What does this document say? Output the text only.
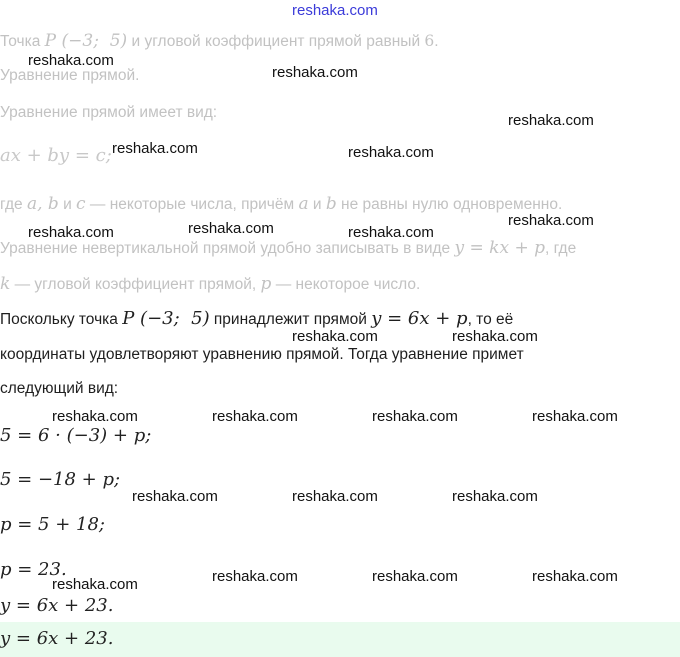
reshaka.com
Точка P (−3;  5) и угловой коэффициент прямой равный 6.
Уравнение прямой.
Уравнение прямой имеет вид:
ax + by = c;
где a, b и c — некоторые числа, причём a и b не равны нулю одновременно.
Уравнение невертикальной прямой удобно записывать в виде y = kx + p, где
k — угловой коэффициент прямой, p — некоторое число.
Поскольку точка P (−3;  5) принадлежит прямой y = 6x + p, то её
координаты удовлетворяют уравнению прямой. Тогда уравнение примет
следующий вид:
5 = 6 · (−3) + p;
5 = −18 + p;
p = 5 + 18;
p = 23.
y = 6x + 23.
y = 6x + 23.
reshaka.com
reshaka.com
reshaka.com
reshaka.com	reshaka.com
reshaka.com
reshaka.com	reshaka.com	reshaka.com
reshaka.com	reshaka.com
reshaka.com	reshaka.com	reshaka.com	reshaka.com
reshaka.com	reshaka.com	reshaka.com
reshaka.com	reshaka.com	reshaka.com	reshaka.com
